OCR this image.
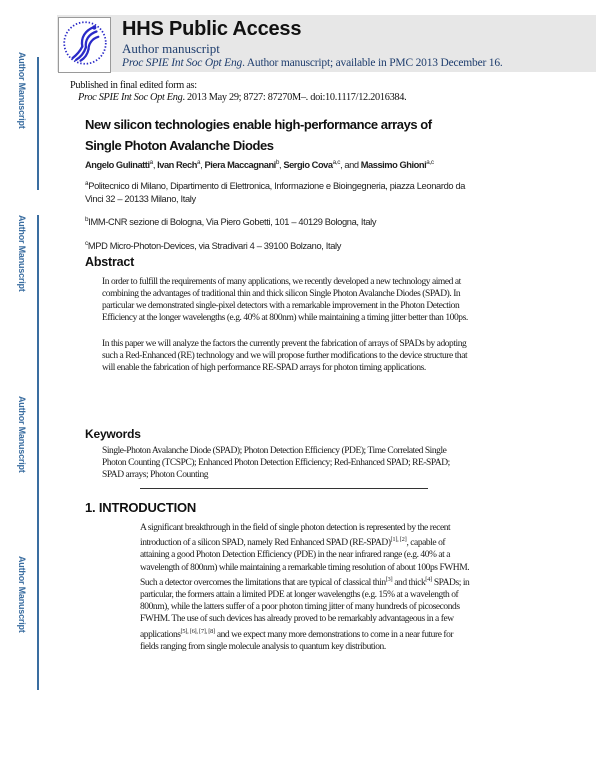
Author Manuscript
Author Manuscript
Author Manuscript
Author Manuscript
HHS Public Access
Author manuscript
Proc SPIE Int Soc Opt Eng. Author manuscript; available in PMC 2013 December 16.
Published in final edited form as:
Proc SPIE Int Soc Opt Eng. 2013 May 29; 8727: 87270M–. doi:10.1117/12.2016384.
New silicon technologies enable high-performance arrays of
Single Photon Avalanche Diodes
Angelo Gulinatti$^a$, Ivan Rech$^a$, Piera Maccagnani$^b$, Sergio Cova$^{a,c}$, and Massimo Ghioni$^{a,c}$

$^a$Politecnico di Milano, Dipartimento di Elettronica, Informazione e Bioingegneria, piazza Leonardo da Vinci 32 – 20133 Milano, Italy

$^b$IMM-CNR sezione di Bologna, Via Piero Gobetti, 101 – 40129 Bologna, Italy

$^c$MPD Micro-Photon-Devices, via Stradivari 4 – 39100 Bolzano, Italy

Abstract

In order to fulfill the requirements of many applications, we recently developed a new technology aimed at combining the advantages of traditional thin and thick silicon Single Photon Avalanche Diodes (SPAD). In particular we demonstrated single-pixel detectors with a remarkable improvement in the Photon Detection Efficiency at the longer wavelengths (e.g. 40% at 800nm) while maintaining a timing jitter better than 100ps.

In this paper we will analyze the factors the currently prevent the fabrication of arrays of SPADs by adopting such a Red-Enhanced (RE) technology and we will propose further modifications to the device structure that will enable the fabrication of high performance RE-SPAD arrays for photon timing applications.

Keywords
Single-Photon Avalanche Diode (SPAD); Photon Detection Efficiency (PDE); Time Correlated Single Photon Counting (TCSPC); Enhanced Photon Detection Efficiency; Red-Enhanced SPAD; RE-SPAD; SPAD arrays; Photon Counting
1. INTRODUCTION
A significant breakthrough in the field of single photon detection is represented by the recent introduction of a silicon SPAD, namely Red Enhanced SPAD (RE-SPAD)[1], [2], capable of attaining a good Photon Detection Efficiency (PDE) in the near infrared range (e.g. 40% at a wavelength of 800nm) while maintaining a remarkable timing resolution of about 100ps FWHM. Such a detector overcomes the limitations that are typical of classical thin[3] and thick[4] SPADs; in particular, the formers attain a limited PDE at longer wavelengths (e.g. 15% at a wavelength of 800nm), while the latters suffer of a poor photon timing jitter of many hundreds of picoseconds FWHM. The use of such devices has already proved to be remarkably advantageous in a few applications[5], [6], [7], [8] and we expect many more demonstrations to come in a near future for fields ranging from single molecule analysis to quantum key distribution.
